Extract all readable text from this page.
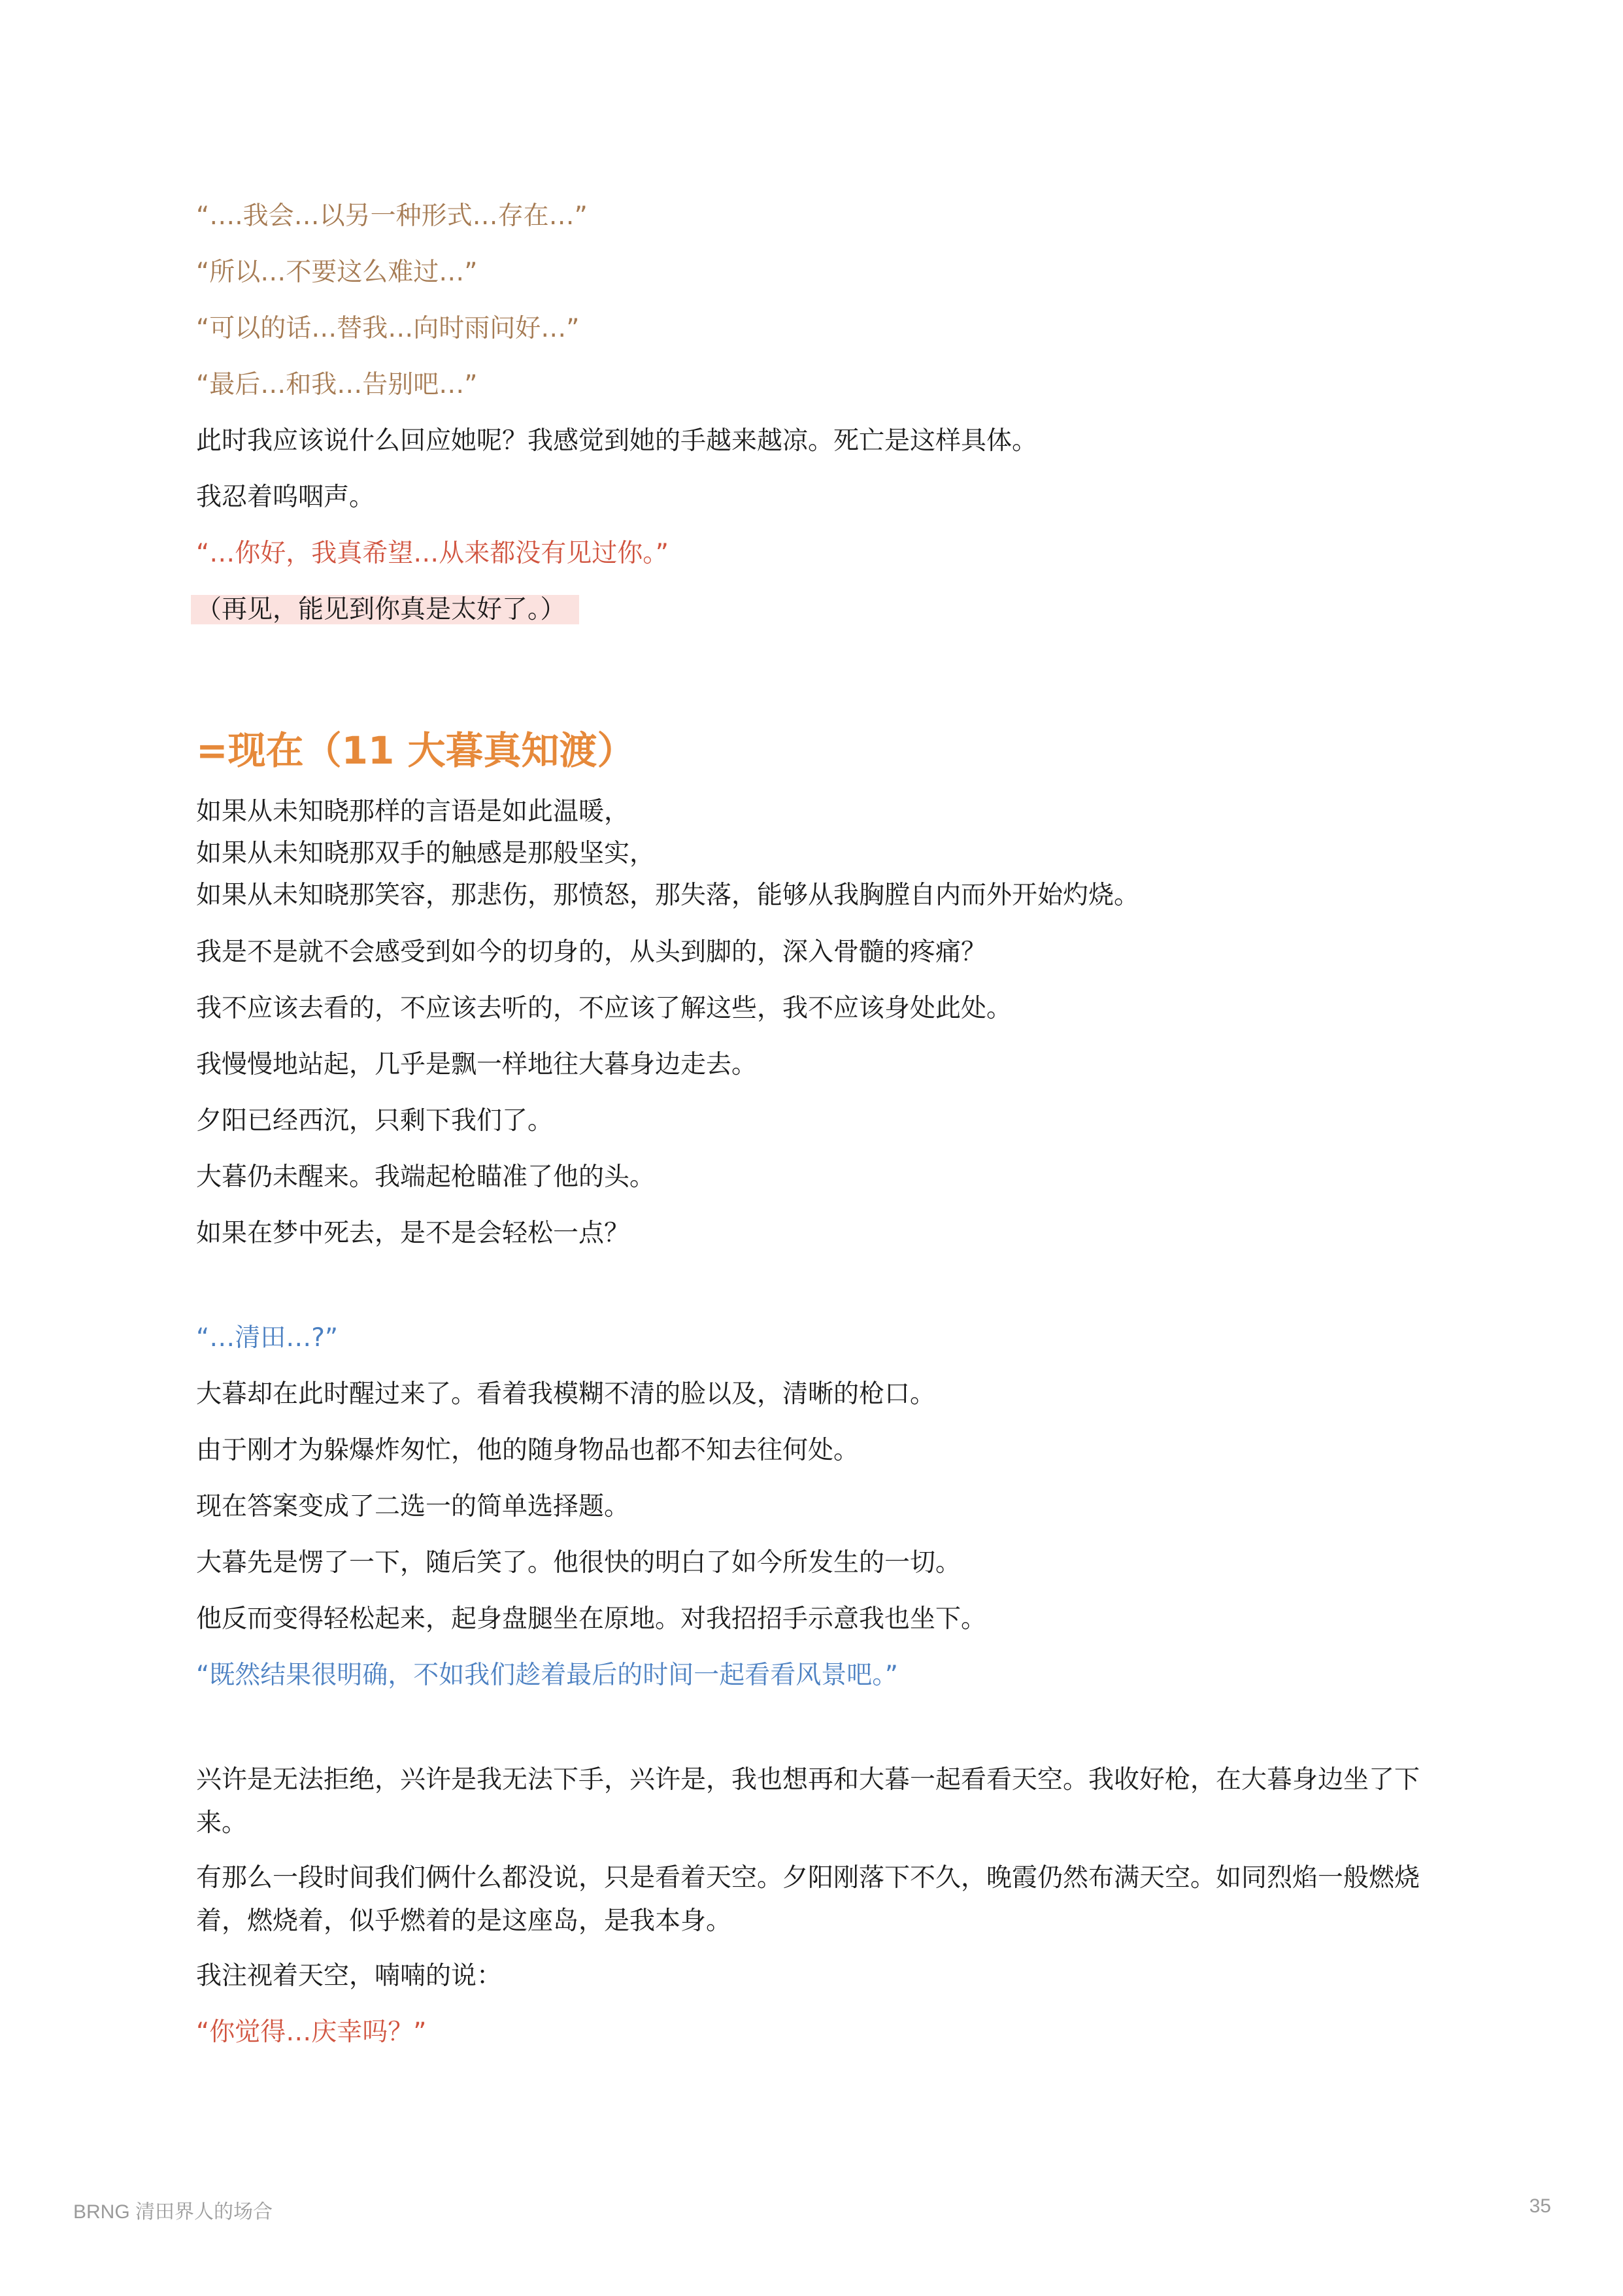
“….我会…以另一种形式…存在…”
“所以…不要这么难过…”
“可以的话…替我…向时雨问好…”
“最后…和我…告别吧…”
此时我应该说什么回应她呢？我感觉到她的手越来越凉。死亡是这样具体。
我忍着呜咽声。
“…你好，我真希望…从来都没有见过你。”
（再见，能见到你真是太好了。）
=现在（11 大暮真知渡）
如果从未知晓那样的言语是如此温暖，
如果从未知晓那双手的触感是那般坚实，
如果从未知晓那笑容，那悲伤，那愤怒，那失落，能够从我胸膛自内而外开始灼烧。
我是不是就不会感受到如今的切身的，从头到脚的，深入骨髓的疼痛？
我不应该去看的，不应该去听的，不应该了解这些，我不应该身处此处。
我慢慢地站起，几乎是飘一样地往大暮身边走去。
夕阳已经西沉，只剩下我们了。
大暮仍未醒来。我端起枪瞄准了他的头。
如果在梦中死去，是不是会轻松一点？
“…清田…?”
大暮却在此时醒过来了。看着我模糊不清的脸以及，清晰的枪口。
由于刚才为躲爆炸匆忙，他的随身物品也都不知去往何处。
现在答案变成了二选一的简单选择题。
大暮先是愣了一下，随后笑了。他很快的明白了如今所发生的一切。
他反而变得轻松起来，起身盘腿坐在原地。对我招招手示意我也坐下。
“既然结果很明确，不如我们趁着最后的时间一起看看风景吧。”
兴许是无法拒绝，兴许是我无法下手，兴许是，我也想再和大暮一起看看天空。我收好枪，在大暮身边坐了下来。
有那么一段时间我们俩什么都没说，只是看着天空。夕阳刚落下不久，晚霞仍然布满天空。如同烈焰一般燃烧着，燃烧着，似乎燃着的是这座岛，是我本身。
我注视着天空，喃喃的说：
“你觉得…庆幸吗？”
BRNG 清田界人的场合	35
